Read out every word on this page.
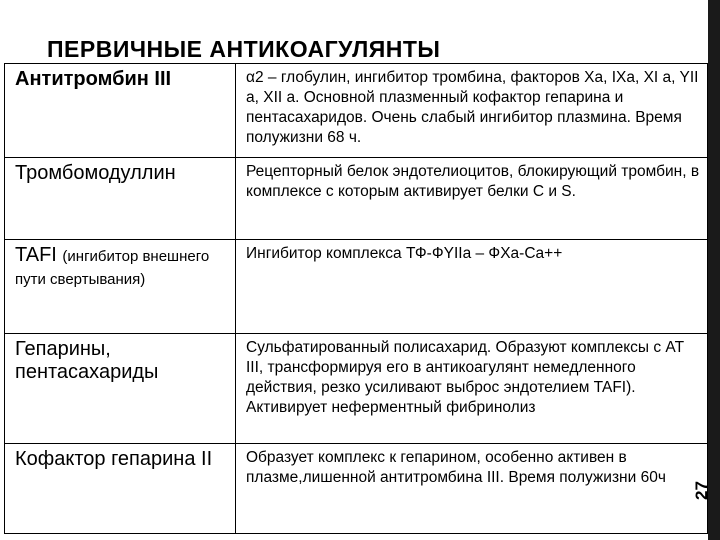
ПЕРВИЧНЫЕ АНТИКОАГУЛЯНТЫ
Антитромбин III	α2 – глобулин, ингибитор тромбина, факторов Xa, IXa, XI a, YII a, XII a. Основной плазменный кофактор гепарина и пентасахаридов. Очень слабый ингибитор плазмина. Время полужизни 68 ч.
Тромбомодуллин	Рецепторный белок эндотелиоцитов, блокирующий тромбин, в комплексе с которым активирует белки С и S.
TAFI (ингибитор внешнего пути свертывания)	Ингибитор комплекса ТФ-ФYIIa – ФXa-Ca++
Гепарины, пентасахариды	Сульфатированный полисахарид. Образуют комплексы с AT III, трансформируя его в антикоагулянт немедленного действия, резко усиливают выброс эндотелием TAFI). Активирует неферментный фибринолиз
Кофактор гепарина II	Образует комплекс к гепарином, особенно активен в плазме,лишенной антитромбина III. Время полужизни 60ч
27
